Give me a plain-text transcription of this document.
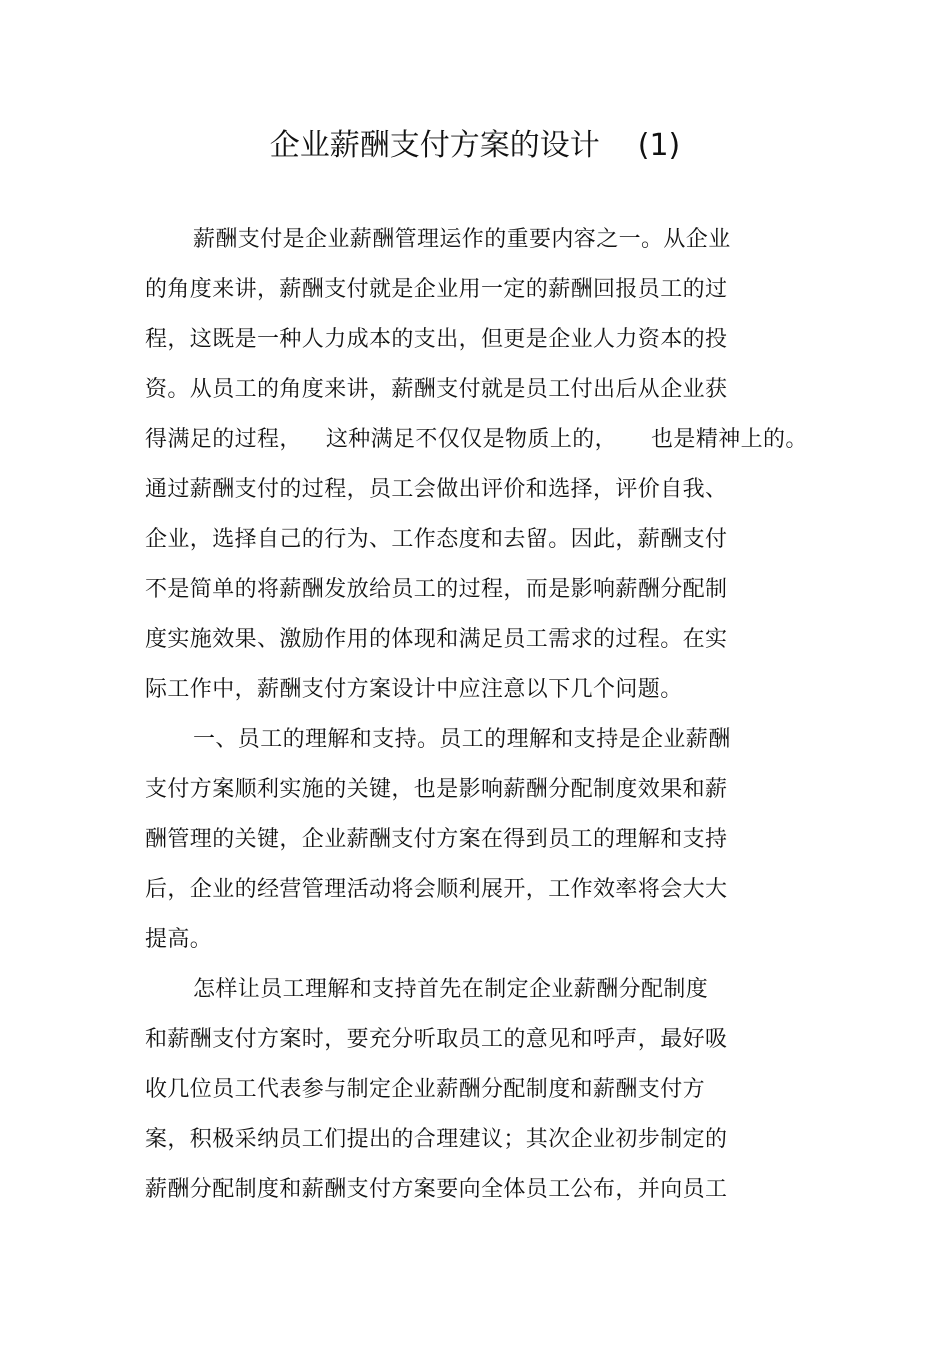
企业薪酬支付方案的设计 (1)
薪酬支付是企业薪酬管理运作的重要内容之一。从企业
的角度来讲，薪酬支付就是企业用一定的薪酬回报员工的过
程，这既是一种人力成本的支出，但更是企业人力资本的投
资。从员工的角度来讲，薪酬支付就是员工付出后从企业获
得满足的过程， 这种满足不仅仅是物质上的， 也是精神上的。
通过薪酬支付的过程，员工会做出评价和选择，评价自我、
企业，选择自己的行为、工作态度和去留。因此，薪酬支付
不是简单的将薪酬发放给员工的过程，而是影响薪酬分配制
度实施效果、激励作用的体现和满足员工需求的过程。在实
际工作中，薪酬支付方案设计中应注意以下几个问题。
一、员工的理解和支持。员工的理解和支持是企业薪酬
支付方案顺利实施的关键，也是影响薪酬分配制度效果和薪
酬管理的关键，企业薪酬支付方案在得到员工的理解和支持
后，企业的经营管理活动将会顺利展开，工作效率将会大大
提高。
怎样让员工理解和支持首先在制定企业薪酬分配制度
和薪酬支付方案时，要充分听取员工的意见和呼声，最好吸
收几位员工代表参与制定企业薪酬分配制度和薪酬支付方
案，积极采纳员工们提出的合理建议；其次企业初步制定的
薪酬分配制度和薪酬支付方案要向全体员工公布，并向员工
